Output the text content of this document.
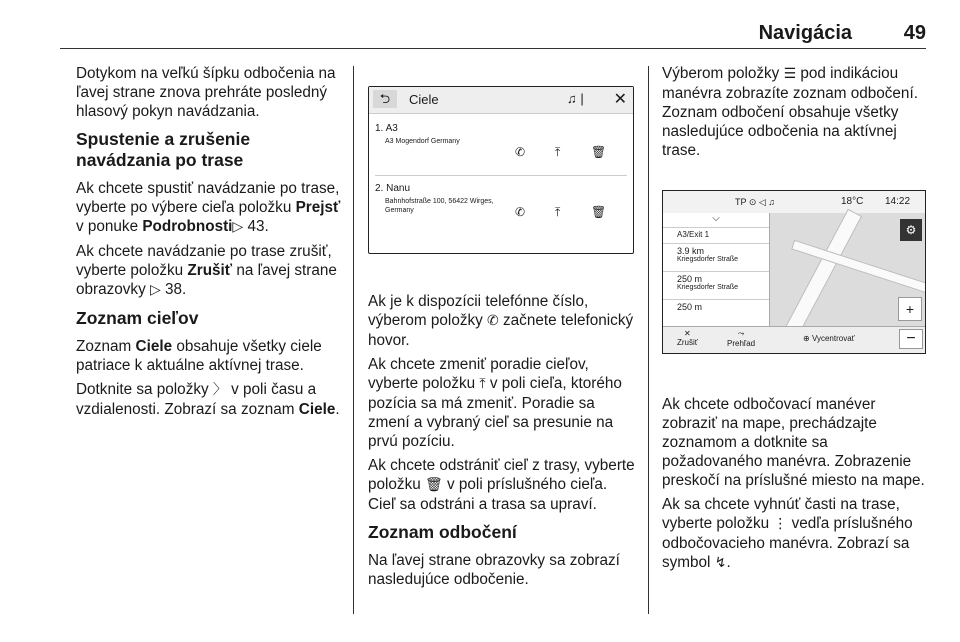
Navigácia	49

Dotykom na veľkú šípku odbočenia na ľavej strane znova prehráte posledný hlasový pokyn navádzania.

Spustenie a zrušenie navádzania po trase

Ak chcete spustiť navádzanie po trase, vyberte po výbere cieľa položku Prejsť v ponuke Podrobnosti▷ 43.

Ak chcete navádzanie po trase zrušiť, vyberte položku Zrušiť na ľavej strane obrazovky ▷ 38.

Zoznam cieľov

Zoznam Ciele obsahuje všetky ciele patriace k aktuálne aktívnej trase.

Dotknite sa položky 〉 v poli času a vzdialenosti. Zobrazí sa zoznam Ciele.

⮌	Ciele	♫ | ✕
1. A3
A3 Mogendorf Germany
✆ ⤒	🗑
2. Nanu
Bahnhofstraße 100, 56422 Wirges, Germany	✆ ⤒	🗑

Ak je k dispozícii telefónne číslo, výberom položky ✆ začnete telefonický hovor.

Ak chcete zmeniť poradie cieľov, vyberte položku ⤒ v poli cieľa, ktorého pozícia sa má zmeniť. Poradie sa zmení a vybraný cieľ sa presunie na prvú pozíciu.

Ak chcete odstrániť cieľ z trasy, vyberte položku 🗑 v poli príslušného cieľa. Cieľ sa odstráni a trasa sa upraví.

Zoznam odbočení

Na ľavej strane obrazovky sa zobrazí nasledujúce odbočenie.

Výberom položky ☰ pod indikáciou manévra zobrazíte zoznam odbočení. Zoznam odbočení obsahuje všetky nasledujúce odbočenia na aktívnej trase.

TP ⊙ ◁ ♫	18°C 14:22
⌵
A3/Exit 1
3.9 km
Kriegsdorfer Straße
250 m
Kriegsdorfer Straße
250 m
⚙
+
✕
Zrušiť
⤳
Prehľad
⊕ Vycentrovať	−

Ak chcete odbočovací manéver zobraziť na mape, prechádzajte zoznamom a dotknite sa požadovaného manévra. Zobrazenie preskočí na príslušné miesto na mape.

Ak sa chcete vyhnúť časti na trase, vyberte položku ⋮ vedľa príslušného odbočovacieho manévra. Zobrazí sa symbol ↯.
